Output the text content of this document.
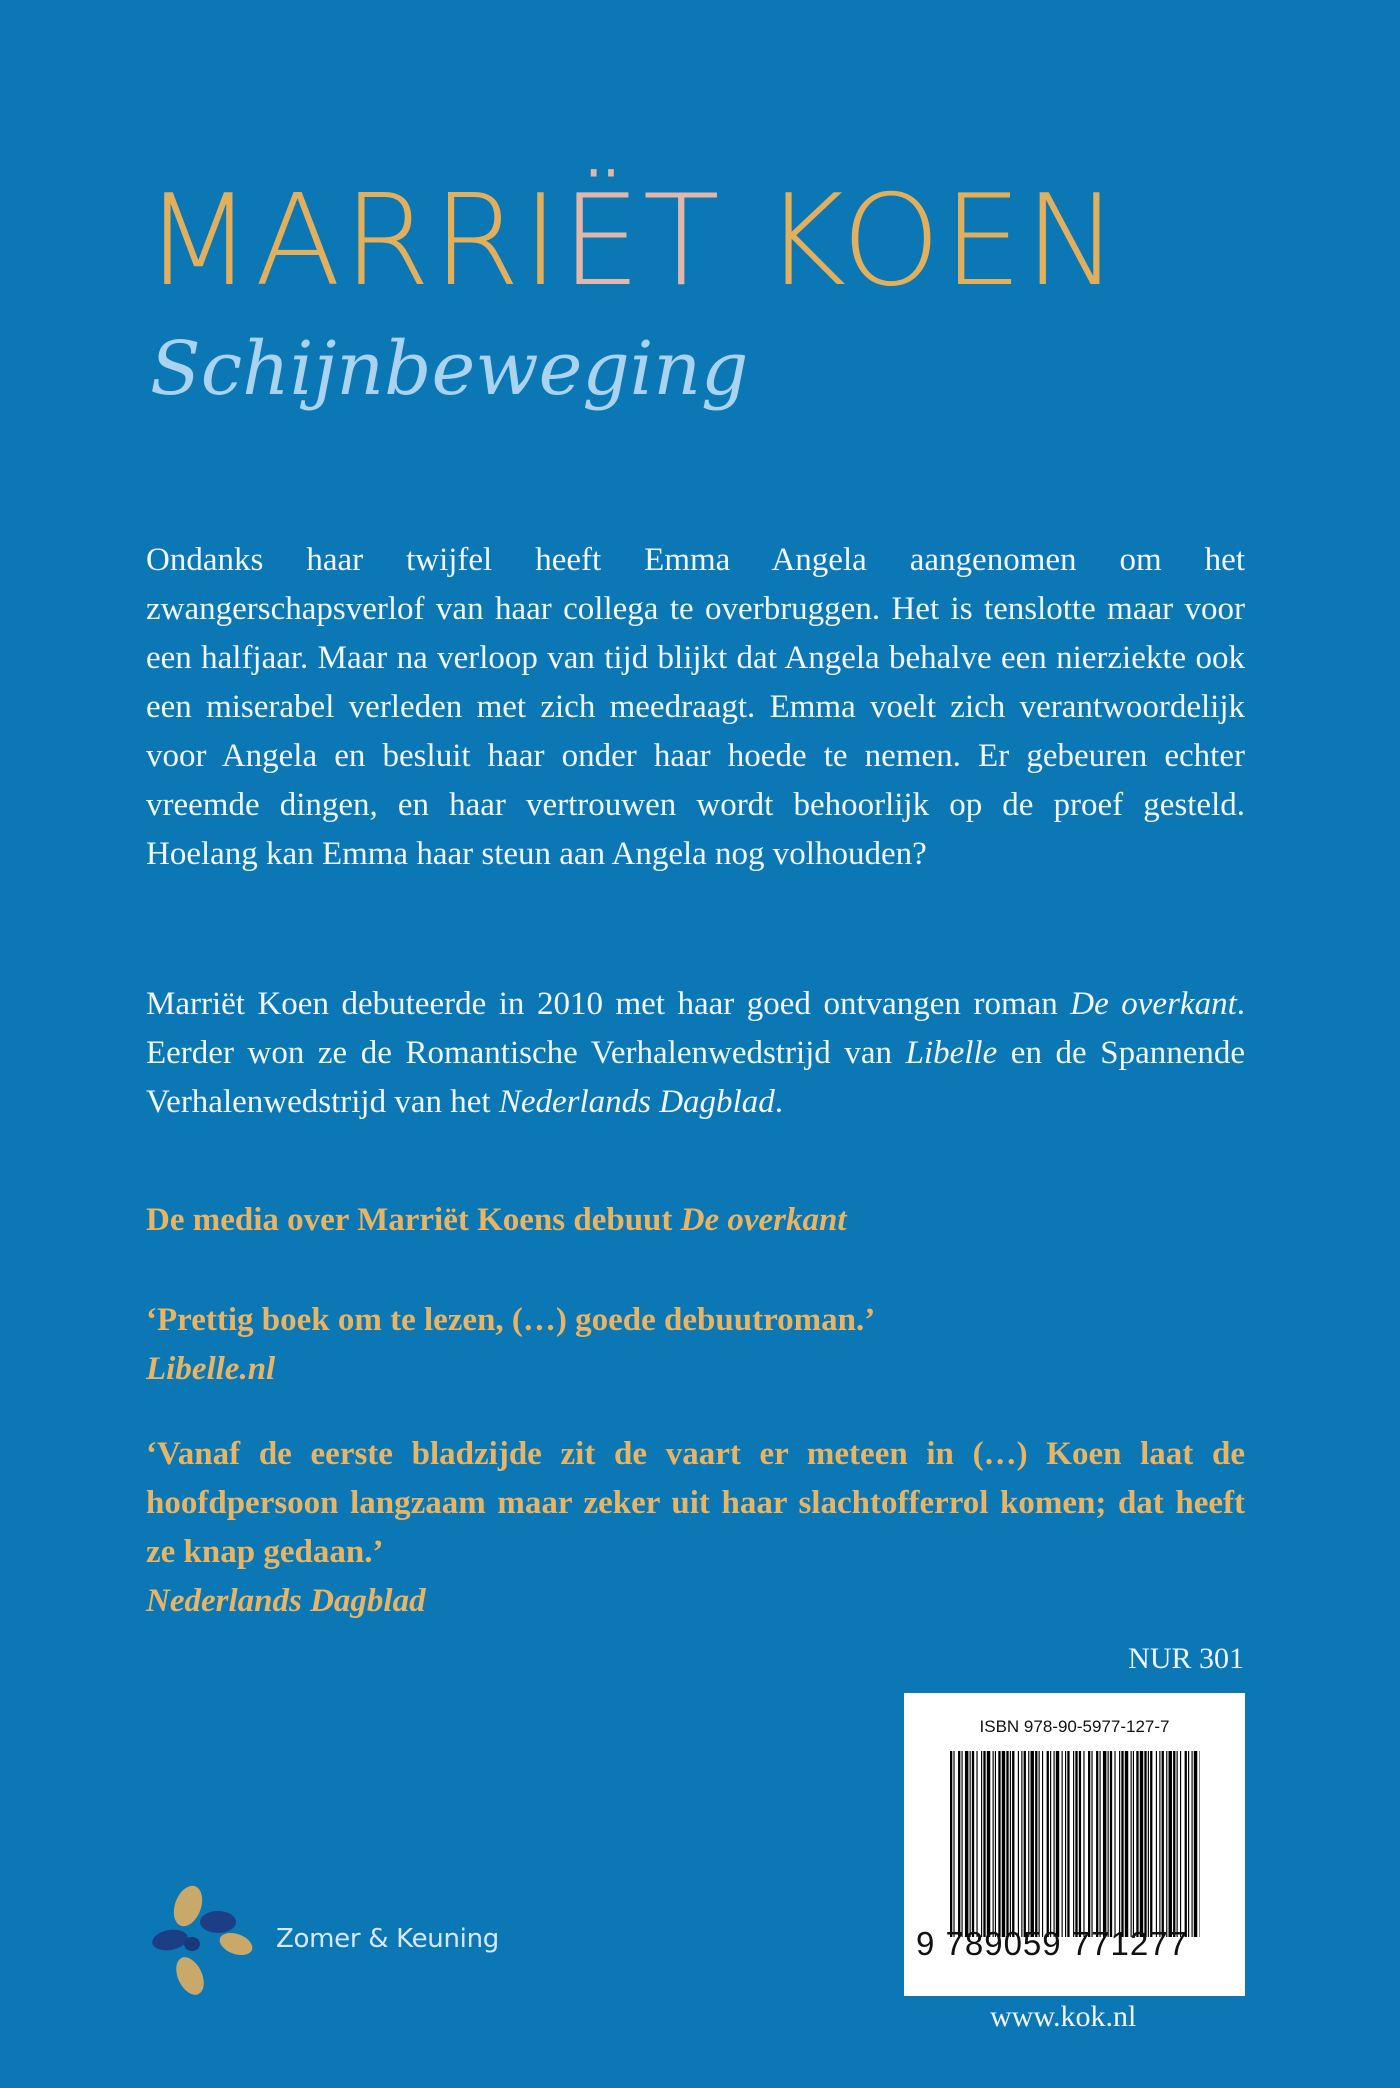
MARRIËT KOEN
Schijnbeweging

Ondanks haar twijfel heeft Emma Angela aangenomen om het zwangerschapsverlof van haar collega te overbruggen. Het is tenslotte maar voor een halfjaar. Maar na verloop van tijd blijkt dat Angela behalve een nierziekte ook een miserabel verleden met zich meedraagt. Emma voelt zich verantwoordelijk voor Angela en besluit haar onder haar hoede te nemen. Er gebeuren echter vreemde dingen, en haar vertrouwen wordt behoorlijk op de proef gesteld. Hoelang kan Emma haar steun aan Angela nog volhouden?

Marriët Koen debuteerde in 2010 met haar goed ontvangen roman De overkant. Eerder won ze de Romantische Verhalenwedstrijd van Libelle en de Spannende Verhalenwedstrijd van het Nederlands Dagblad.

De media over Marriët Koens debuut De overkant

‘Prettig boek om te lezen, (…) goede debuutroman.’
Libelle.nl

‘Vanaf de eerste bladzijde zit de vaart er meteen in (…) Koen laat de hoofdpersoon langzaam maar zeker uit haar slachtofferrol komen; dat heeft ze knap gedaan.’
Nederlands Dagblad

NUR 301
ISBN 978-90-5977-127-7
9 789059 771277
Zomer & Keuning
www.kok.nl
